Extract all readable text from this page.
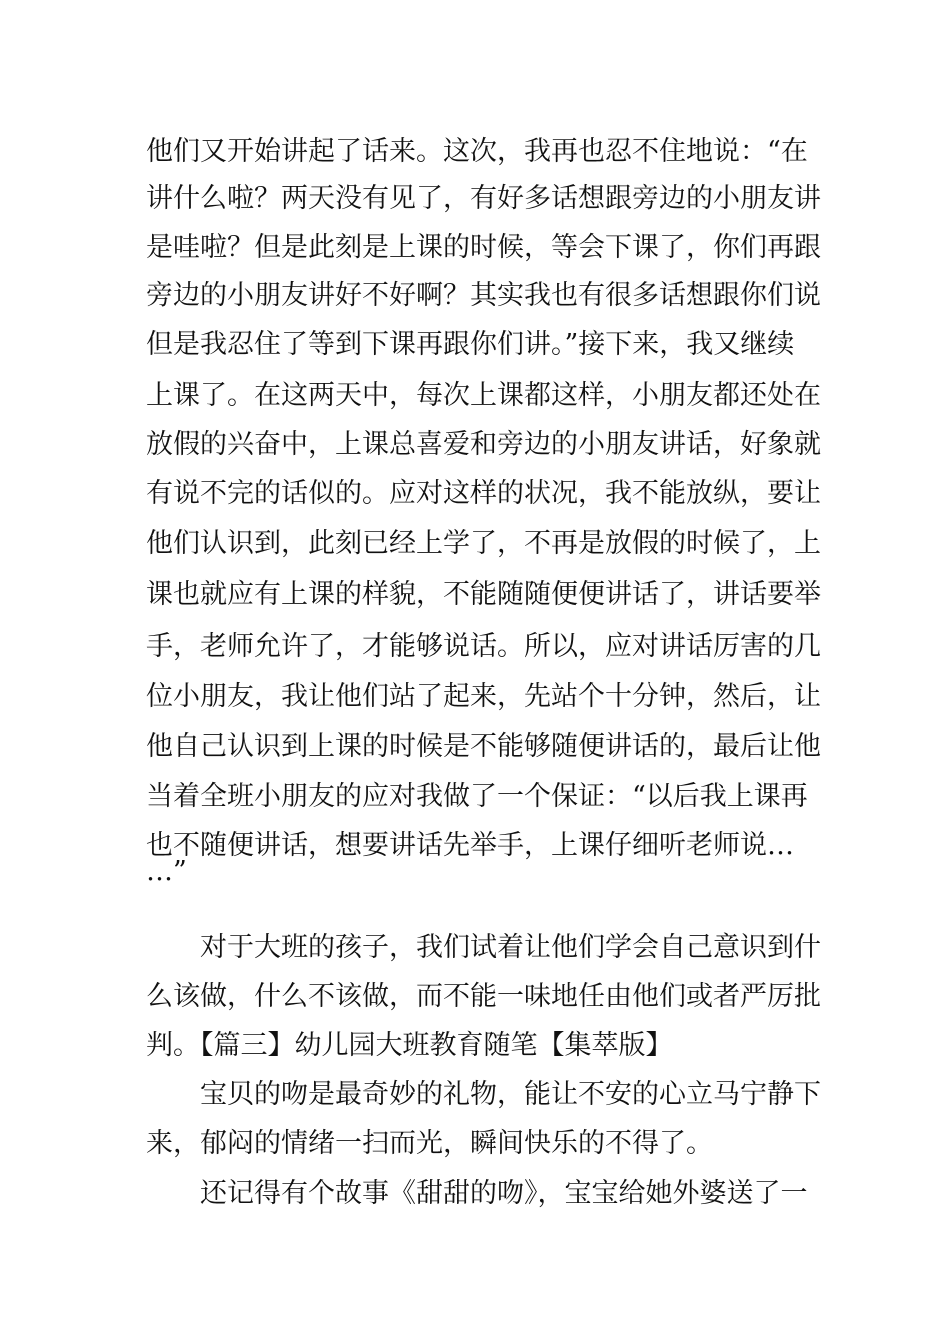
他们又开始讲起了话来。这次，我再也忍不住地说：“在
讲什么啦？两天没有见了，有好多话想跟旁边的小朋友讲
是哇啦？但是此刻是上课的时候，等会下课了，你们再跟
旁边的小朋友讲好不好啊？其实我也有很多话想跟你们说
但是我忍住了等到下课再跟你们讲。”接下来，我又继续
上课了。在这两天中，每次上课都这样，小朋友都还处在
放假的兴奋中，上课总喜爱和旁边的小朋友讲话，好象就
有说不完的话似的。应对这样的状况，我不能放纵，要让
他们认识到，此刻已经上学了，不再是放假的时候了，上
课也就应有上课的样貌，不能随随便便讲话了，讲话要举
手，老师允许了，才能够说话。所以，应对讲话厉害的几
位小朋友，我让他们站了起来，先站个十分钟，然后，让
他自己认识到上课的时候是不能够随便讲话的，最后让他
当着全班小朋友的应对我做了一个保证：“以后我上课再
也不随便讲话，想要讲话先举手，上课仔细听老师说…
…”
对于大班的孩子，我们试着让他们学会自己意识到什
么该做，什么不该做，而不能一味地任由他们或者严厉批
判。【篇三】幼儿园大班教育随笔【集萃版】
宝贝的吻是最奇妙的礼物，能让不安的心立马宁静下
来，郁闷的情绪一扫而光，瞬间快乐的不得了。
还记得有个故事《甜甜的吻》，宝宝给她外婆送了一
